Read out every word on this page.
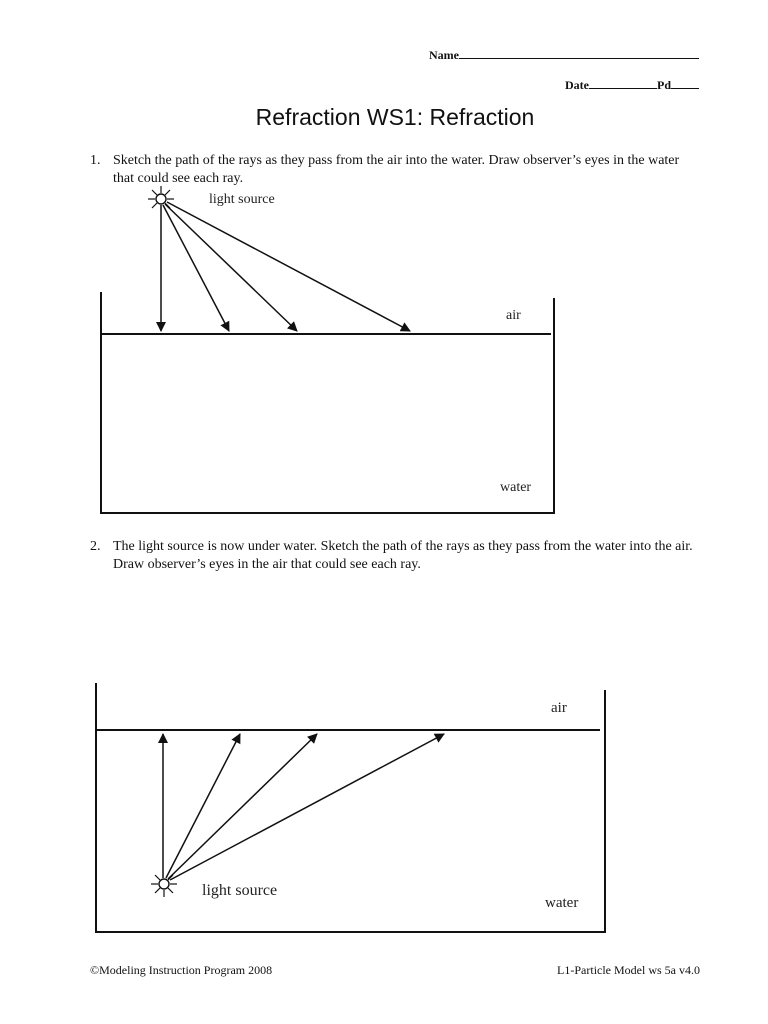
Name
Date	Pd
Refraction WS1: Refraction
1. Sketch the path of the rays as they pass from the air into the water. Draw observer’s eyes in the water that could see each ray.
light source
air
water
light source
air
water
2. The light source is now under water. Sketch the path of the rays as they pass from the water into the air. Draw observer’s eyes in the air that could see each ray.
©Modeling Instruction Program 2008	L1-Particle Model ws 5a v4.0
